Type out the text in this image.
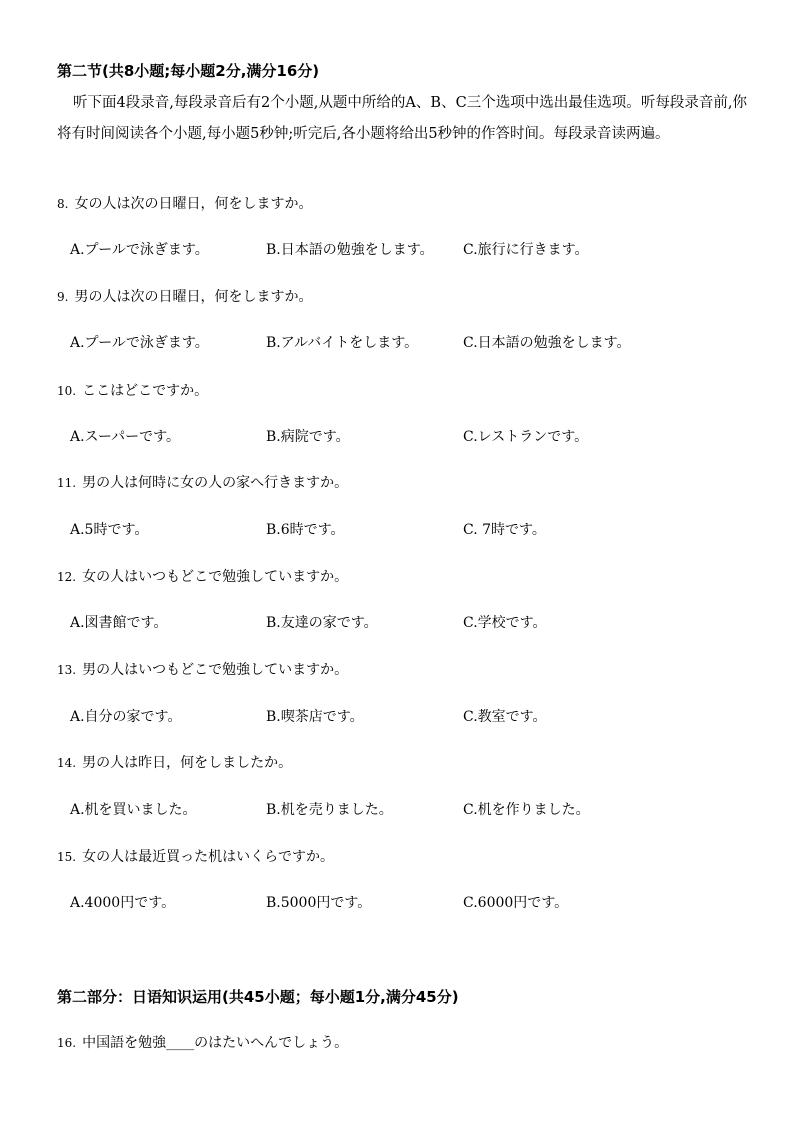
第二节(共8小题;每小题2分,满分16分)
听下面4段录音,每段录音后有2个小题,从题中所给的A、B、C三个选项中选出最佳选项。听每段录音前,你将有时间阅读各个小题,每小题5秒钟;听完后,各小题将给出5秒钟的作答时间。每段录音读两遍。
8. 女の人は次の日曜日，何をしますか。
A.プールで泳ぎます。	B.日本語の勉強をします。 C.旅行に行きます。
9. 男の人は次の日曜日，何をしますか。
A.プールで泳ぎます。	B.アルバイトをします。	C.日本語の勉強をします。
10. ここはどこですか。
A.スーパーです。	B.病院です。	C.レストランです。
11. 男の人は何時に女の人の家へ行きますか。
A.5時です。	B.6時です。	C. 7時です。
12. 女の人はいつもどこで勉強していますか。
A.図書館です。	B.友達の家です。	C.学校です。
13. 男の人はいつもどこで勉強していますか。
A.自分の家です。	B.喫茶店です。	C.教室です。
14. 男の人は昨日，何をしましたか。
A.机を買いました。	B.机を売りました。	C.机を作りました。
15. 女の人は最近買った机はいくらですか。
A.4000円です。	B.5000円です。	C.6000円です。
第二部分：日语知识运用(共45小题；每小题1分,满分45分)
16. 中国語を勉強____のはたいへんでしょう。
